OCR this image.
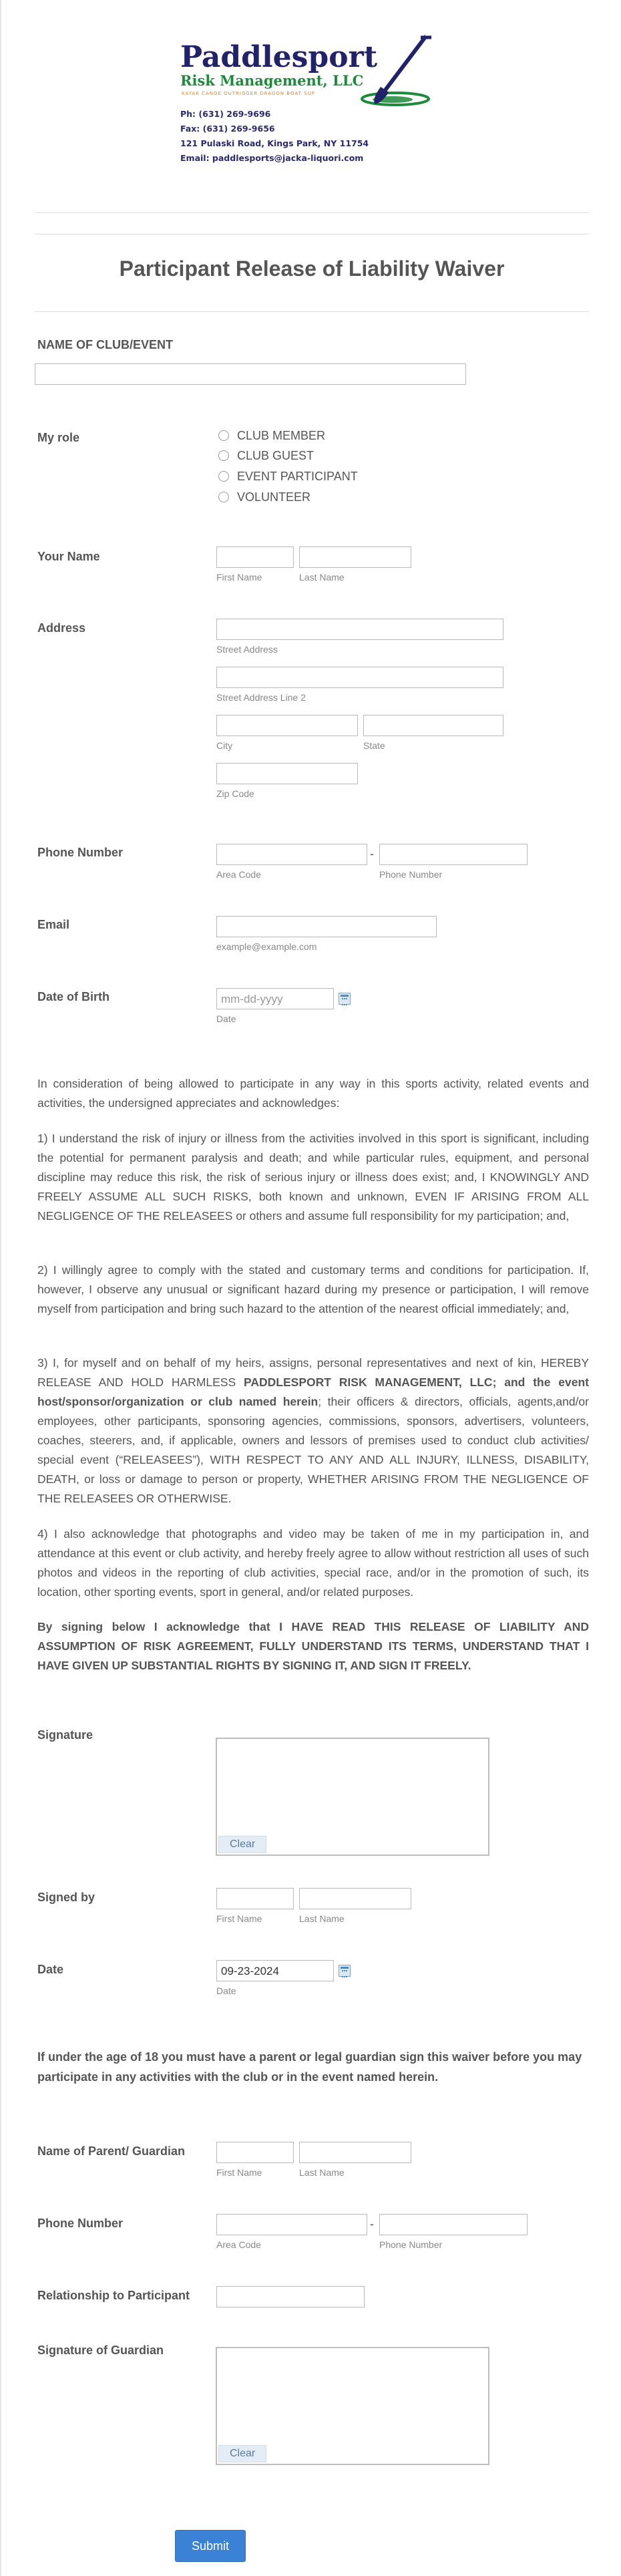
Paddlesport
Risk Management, LLC
KAYAK CANOE OUTRIGGER DRAGON BOAT SUP
Ph: (631) 269-9696
Fax: (631) 269-9656
121 Pulaski Road, Kings Park, NY 11754
Email: paddlesports@jacka-liquori.com
Participant Release of Liability Waiver
NAME OF CLUB/EVENT
My role	CLUB MEMBER
CLUB GUEST
EVENT PARTICIPANT
VOLUNTEER
Your Name
First Name	Last Name
Address
Street Address
Street Address Line 2
City	State
Zip Code
Phone Number	-
Area Code	Phone Number
Email
example@example.com
Date of Birth	mm-dd-yyyy
Date

In consideration of being allowed to participate in any way in this sports activity, related events and activities, the undersigned appreciates and acknowledges:

1) I understand the risk of injury or illness from the activities involved in this sport is significant, including the potential for permanent paralysis and death; and while particular rules, equipment, and personal discipline may reduce this risk, the risk of serious injury or illness does exist; and, I KNOWINGLY AND FREELY ASSUME ALL SUCH RISKS, both known and unknown, EVEN IF ARISING FROM ALL NEGLIGENCE OF THE RELEASEES or others and assume full responsibility for my participation; and,

2) I willingly agree to comply with the stated and customary terms and conditions for participation. If, however, I observe any unusual or significant hazard during my presence or participation, I will remove myself from participation and bring such hazard to the attention of the nearest official immediately; and,

3) I, for myself and on behalf of my heirs, assigns, personal representatives and next of kin, HEREBY RELEASE AND HOLD HARMLESS PADDLESPORT RISK MANAGEMENT, LLC; and the event host/sponsor/organization or club named herein; their officers & directors, officials, agents,and/or employees, other participants, sponsoring agencies, commissions, sponsors, advertisers, volunteers, coaches, steerers, and, if applicable, owners and lessors of premises used to conduct club activities/ special event (“RELEASEES”), WITH RESPECT TO ANY AND ALL INJURY, ILLNESS, DISABILITY, DEATH, or loss or damage to person or property, WHETHER ARISING FROM THE NEGLIGENCE OF THE RELEASEES OR OTHERWISE.

4) I also acknowledge that photographs and video may be taken of me in my participation in, and attendance at this event or club activity, and hereby freely agree to allow without restriction all uses of such photos and videos in the reporting of club activities, special race, and/or in the promotion of such, its location, other sporting events, sport in general, and/or related purposes.

By signing below I acknowledge that I HAVE READ THIS RELEASE OF LIABILITY AND ASSUMPTION OF RISK AGREEMENT, FULLY UNDERSTAND ITS TERMS, UNDERSTAND THAT I HAVE GIVEN UP SUBSTANTIAL RIGHTS BY SIGNING IT, AND SIGN IT FREELY.

Signature
Clear
Signed by
First Name	Last Name
Date	09-23-2024
Date

If under the age of 18 you must have a parent or legal guardian sign this waiver before you may participate in any activities with the club or in the event named herein.

Name of Parent/ Guardian
First Name	Last Name
Phone Number	-
Area Code	Phone Number
Relationship to Participant
Signature of Guardian
Clear
Submit
